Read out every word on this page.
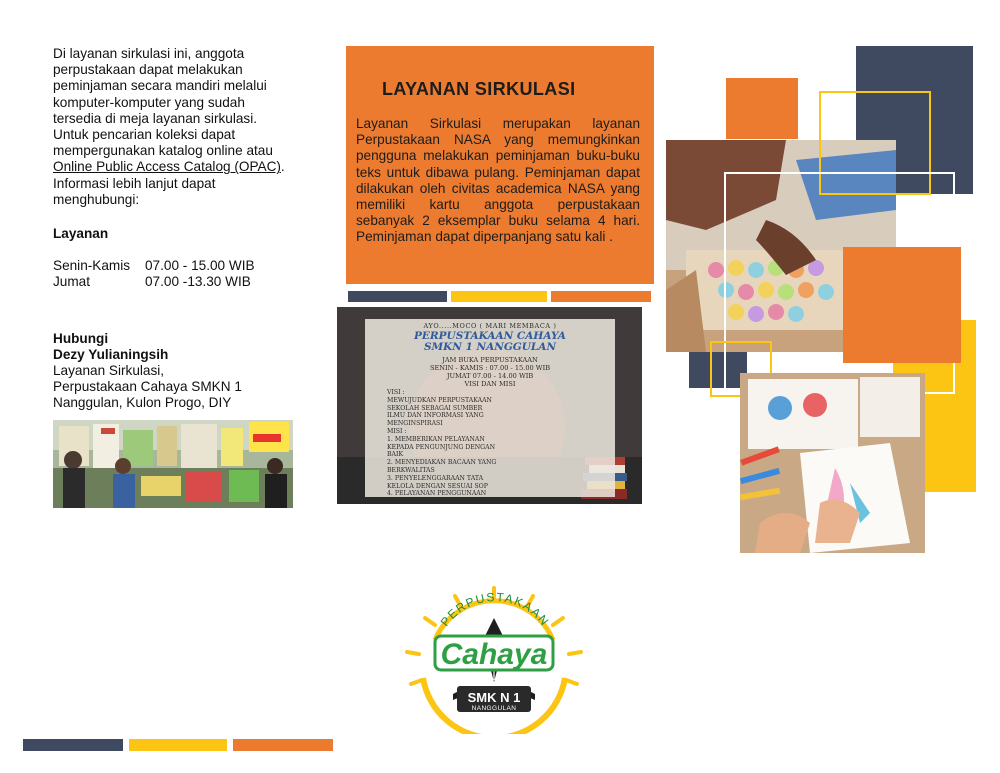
Di layanan sirkulasi ini, anggota perpustakaan dapat melakukan peminjaman secara mandiri melalui komputer-komputer yang sudah tersedia di meja layanan sirkulasi. Untuk pencarian koleksi dapat mempergunakan katalog online atau Online Public Access Catalog (OPAC). Informasi lebih lanjut dapat menghubungi:

Layanan

Senin-Kamis	07.00 - 15.00 WIB
Jumat	07.00 -13.30 WIB

Hubungi

Dezy Yulianingsih

Layanan Sirkulasi,

Perpustakaan Cahaya SMKN 1

Nanggulan, Kulon Progo, DIY

LAYANAN SIRKULASI

Layanan Sirkulasi merupakan layanan Perpustakaan NASA yang memungkinkan pengguna melakukan peminjaman buku-buku teks untuk dibawa pulang. Peminjaman dapat dilakukan oleh civitas academica NASA yang memiliki kartu anggota perpustakaan sebanyak 2 eksemplar buku selama 4 hari. Peminjaman dapat diperpanjang satu kali .

AYO.....MOCO ( MARI MEMBACA )
PERPUSTAKAAN CAHAYA
SMKN 1 NANGGULAN
JAM BUKA PERPUSTAKAAN
SENIN - KAMIS : 07.00 - 15.00 WIB
JUMAT 07.00 - 14.00 WIB
VISI DAN MISI
VISI :
MEWUJUDKAN PERPUSTAKAAN
SEKOLAH SEBAGAI SUMBER
ILMU DAN INFORMASI YANG
MENGINSPIRASI
MISI :
1. MEMBERIKAN PELAYANAN
KEPADA PENGUNJUNG DENGAN
BAIK
2. MENYEDIAKAN BACAAN YANG
BERKWALITAS
3. PENYELENGGARAAN TATA
KELOLA DENGAN SESUAI SOP
4. PELAYANAN PENGGUNAAN
INTERNET DENGAN BIJAK
PERPUSTAKAAN
Cahaya
SMK N 1
NANGGULAN
